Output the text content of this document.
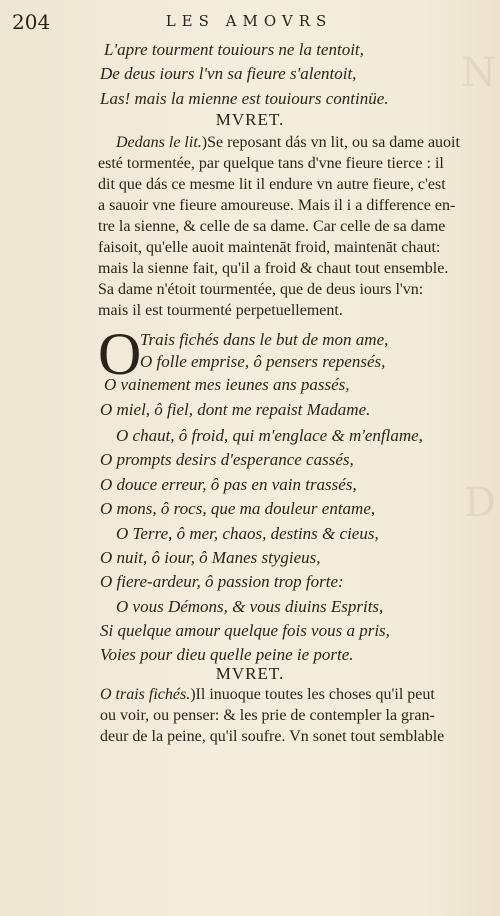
N
D
204	LES AMOVRS
L'apre tourment touiours ne la tentoit,
De deus iours l'vn sa fieure s'alentoit,
Las! mais la mienne est touiours continüe.
MVRET.
Dedans le lit.)Se reposant dás vn lit, ou sa dame auoit
esté tormentée, par quelque tans d'vne fieure tierce : il
dit que dás ce mesme lit il endure vn autre fieure, c'est
a sauoir vne fieure amoureuse. Mais il i a difference en-
tre la sienne, & celle de sa dame. Car celle de sa dame
faisoit, qu'elle auoit maintenāt froid, maintenāt chaut:
mais la sienne fait, qu'il a froid & chaut tout ensemble.
Sa dame n'étoit tourmentée, que de deus iours l'vn:
mais il est tourmenté perpetuellement.
O
Trais fichés dans le but de mon ame,
O folle emprise, ô pensers repensés,
O vainement mes ieunes ans passés,
O miel, ô fiel, dont me repaist Madame.
O chaut, ô froid, qui m'englace & m'enflame,
O prompts desirs d'esperance cassés,
O douce erreur, ô pas en vain trassés,
O mons, ô rocs, que ma douleur entame,
O Terre, ô mer, chaos, destins & cieus,
O nuit, ô iour, ô Manes stygieus,
O fiere-ardeur, ô passion trop forte:
O vous Démons, & vous diuins Esprits,
Si quelque amour quelque fois vous a pris,
Voies pour dieu quelle peine ie porte.
MVRET.
O trais fichés.)Il inuoque toutes les choses qu'il peut
ou voir, ou penser: & les prie de contempler la gran-
deur de la peine, qu'il soufre. Vn sonet tout semblable
